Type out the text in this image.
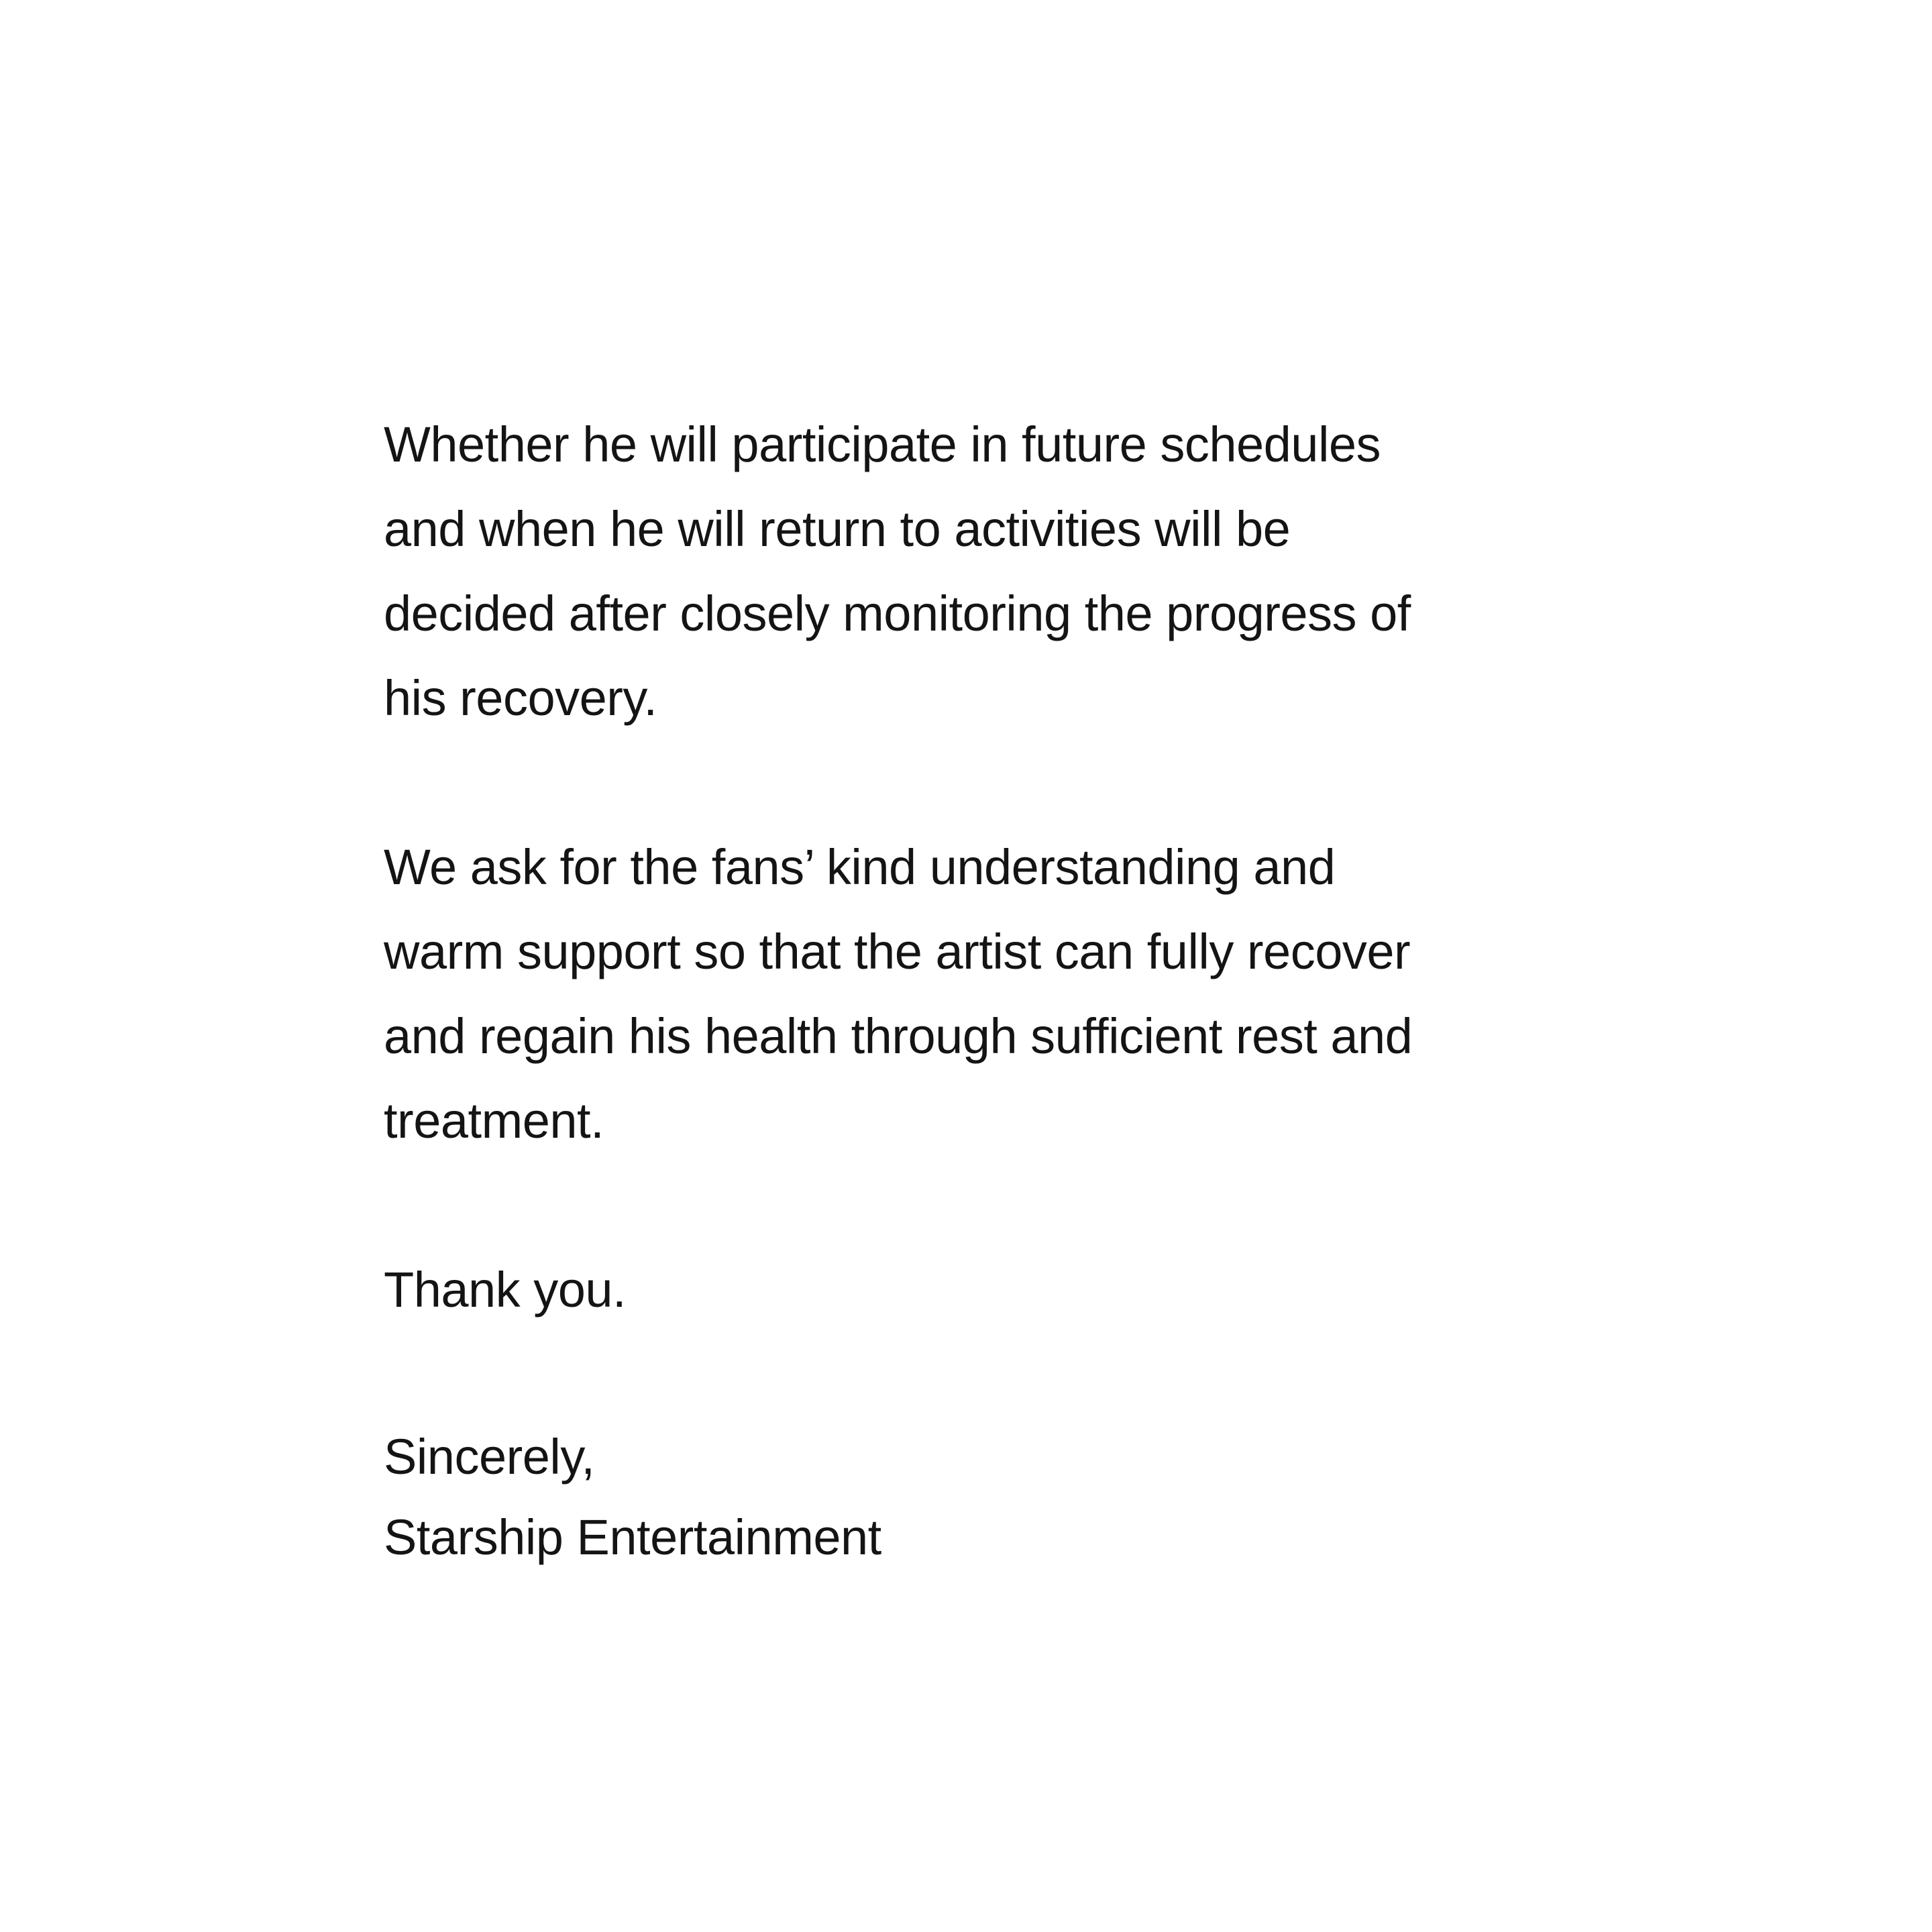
Whether he will participate in future schedules
and when he will return to activities will be
decided after closely monitoring the progress of
his recovery.
We ask for the fans’ kind understanding and
warm support so that the artist can fully recover
and regain his health through sufficient rest and
treatment.
Thank you.
Sincerely,
Starship Entertainment
